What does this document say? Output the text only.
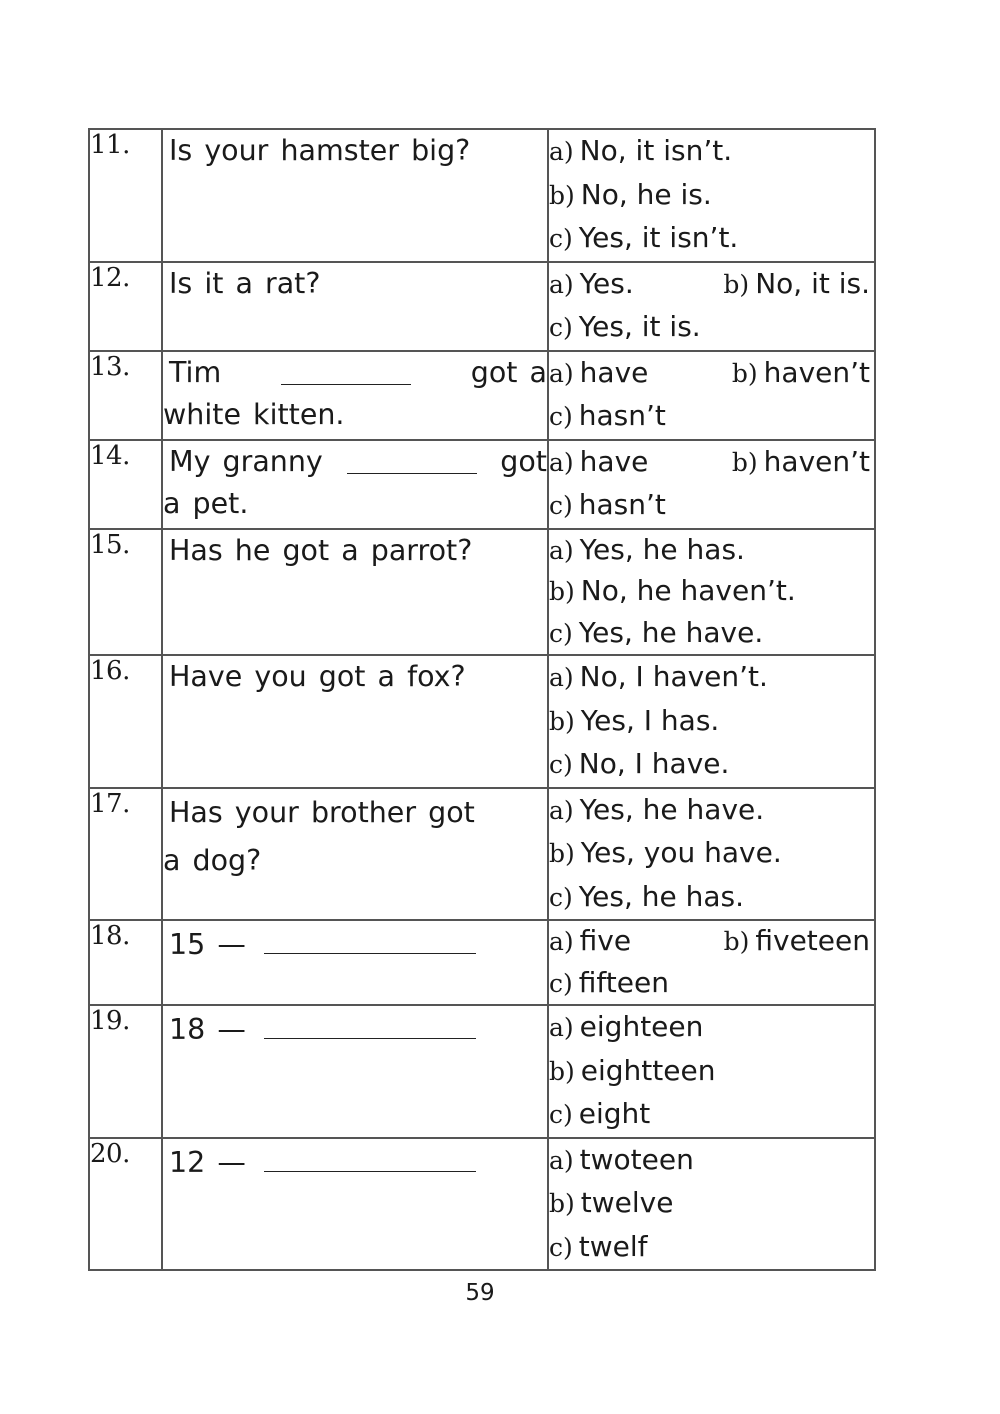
11.	Is your hamster big?	a) No, it isn’t.
b) No, he is.
c) Yes, it isn’t.

12.	Is it a rat?	a) Yes. b) No, it is.
c) Yes, it is.

13.	Tim got a
white kitten.	a) have b) haven’t
c) hasn’t

14.	My granny got
a pet.	a) have b) haven’t
c) hasn’t

15.	Has he got a parrot?	a) Yes, he has.
b) No, he haven’t.
c) Yes, he have.

16.	Have you got a fox?	a) No, I haven’t.
b) Yes, I has.
c) No, I have.

17.	Has your brother got
a dog?	a) Yes, he have.
b) Yes, you have.
c) Yes, he has.

18.	15 —	a) five b) fiveteen
c) fifteen

19.	18 —	a) eighteen
b) eightteen
c) eight

20.	12 —	a) twoteen
b) twelve
c) twelf
59
